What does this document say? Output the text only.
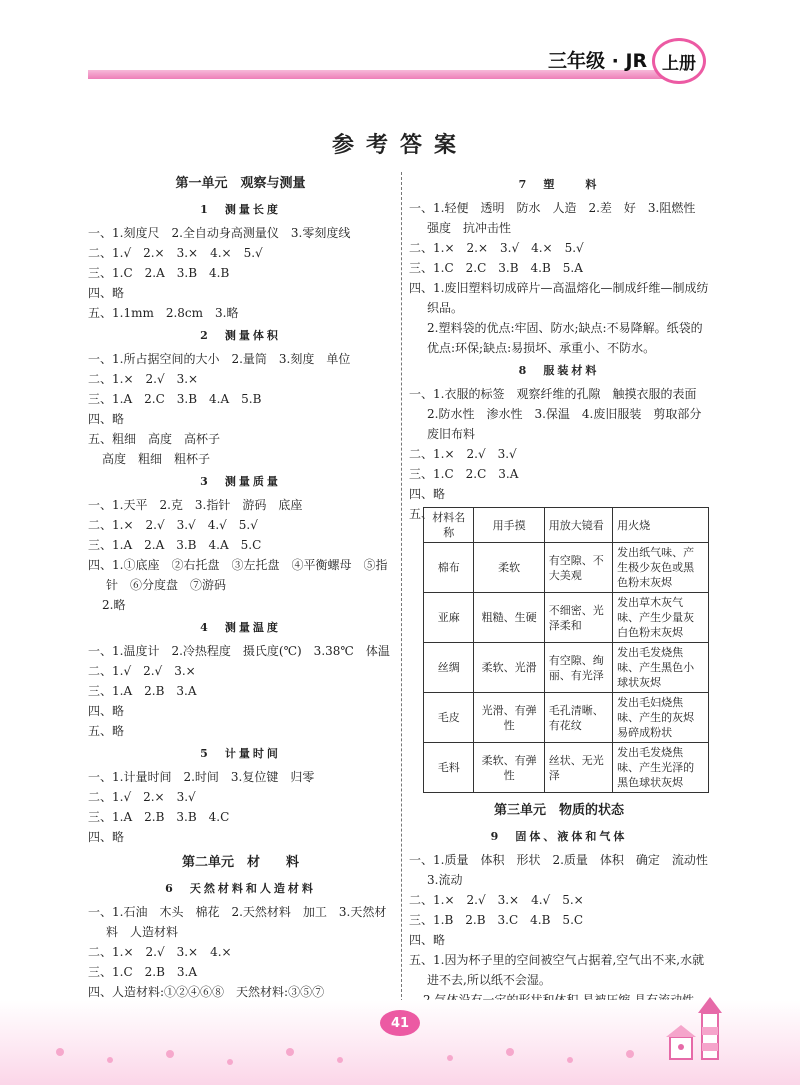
三年级 · JR 上册
参考答案
第一单元　观察与测量
1　测量长度
一、1.刻度尺　2.全自动身高测量仪　3.零刻度线
二、1.√　2.×　3.×　4.×　5.√
三、1.C　2.A　3.B　4.B
四、略
五、1.1mm　2.8cm　3.略
2　测量体积
一、1.所占据空间的大小　2.量筒　3.刻度　单位
二、1.×　2.√　3.×
三、1.A　2.C　3.B　4.A　5.B
四、略
五、粗细　高度　高杯子
高度　粗细　粗杯子
3　测量质量
一、1.天平　2.克　3.指针　游码　底座
二、1.×　2.√　3.√　4.√　5.√
三、1.A　2.A　3.B　4.A　5.C
四、1.①底座　②右托盘　③左托盘　④平衡螺母　⑤指
针　⑥分度盘　⑦游码
2.略
4　测量温度
一、1.温度计　2.冷热程度　摄氏度(℃)　3.38℃　体温
二、1.√　2.√　3.×
三、1.A　2.B　3.A
四、略
五、略
5　计量时间
一、1.计量时间　2.时间　3.复位键　归零
二、1.√　2.×　3.√
三、1.A　2.B　3.B　4.C
四、略
第二单元　材　　料
6　天然材料和人造材料
一、1.石油　木头　棉花　2.天然材料　加工　3.天然材
料　人造材料
二、1.×　2.√　3.×　4.×
三、1.C　2.B　3.A
四、人造材料:①②④⑥⑧　天然材料:③⑤⑦
7　塑　　料
一、1.轻便　透明　防水　人造　2.差　好　3.阻燃性
强度　抗冲击性
二、1.×　2.×　3.√　4.×　5.√
三、1.C　2.C　3.B　4.B　5.A
四、1.废旧塑料切成碎片—高温熔化—制成纤维—制成纺
织品。
2.塑料袋的优点:牢固、防水;缺点:不易降解。纸袋的
优点:环保;缺点:易损坏、承重小、不防水。
8　服装材料
一、1.衣服的标签　观察纤维的孔隙　触摸衣服的表面
2.防水性　渗水性　3.保温　4.废旧服装　剪取部分
废旧布料
二、1.×　2.√　3.√
三、1.C　2.C　3.A
四、略
五、 材料名称	用手摸	用放大镜看	用火烧
棉布	柔软	有空隙、不大美观	发出纸气味、产生极少灰色或黑色粉末灰烬
亚麻	粗糙、生硬	不细密、光泽柔和	发出草木灰气味、产生少量灰白色粉末灰烬
丝绸	柔软、光滑	有空隙、绚丽、有光泽	发出毛发烧焦味、产生黑色小球状灰烬
毛皮	光滑、有弹性	毛孔清晰、有花纹	发出毛妇烧焦味、产生的灰烬易碎成粉状
毛料	柔软、有弹性	丝状、无光泽	发出毛发烧焦味、产生光泽的黑色球状灰烬
第三单元　物质的状态
9　固体、液体和气体
一、1.质量　体积　形状　2.质量　体积　确定　流动性
3.流动
二、1.×　2.√　3.×　4.√　5.×
三、1.B　2.B　3.C　4.B　5.C
四、略
五、1.因为杯子里的空间被空气占据着,空气出不来,水就
进不去,所以纸不会湿。
41
